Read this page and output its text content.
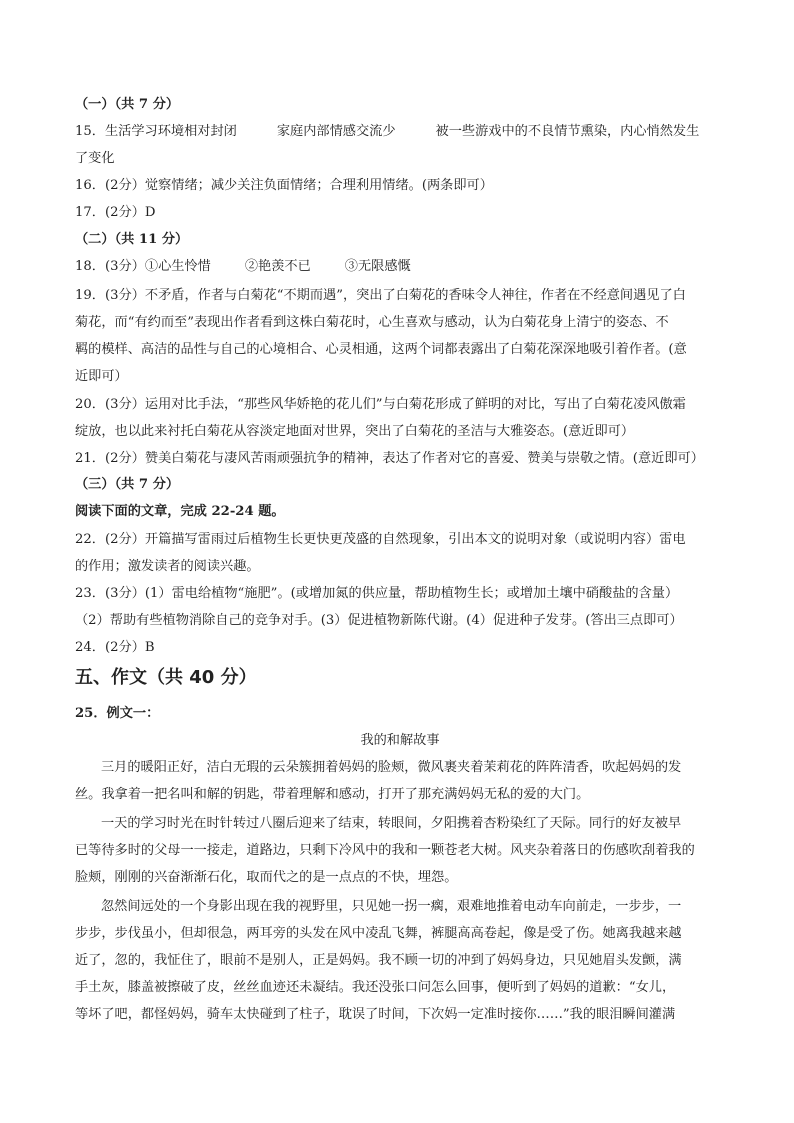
（一）（共 7 分）
15．生活学习环境相对封闭	家庭内部情感交流少	被一些游戏中的不良情节熏染，内心悄然发生
了变化
16．(2分）觉察情绪；减少关注负面情绪；合理利用情绪。(两条即可）
17．(2分）D
（二）（共 11 分）
18．(3分）①心生怜惜	②艳羡不已	③无限感慨
19．(3分）不矛盾，作者与白菊花“不期而遇”，突出了白菊花的香味令人神往，作者在不经意间遇见了白
菊花，而“有约而至”表现出作者看到这株白菊花时，心生喜欢与感动，认为白菊花身上清宁的姿态、不
羁的模样、高洁的品性与自己的心境相合、心灵相通，这两个词都表露出了白菊花深深地吸引着作者。(意
近即可）
20．(3分）运用对比手法，“那些风华娇艳的花儿们”与白菊花形成了鲜明的对比，写出了白菊花凌风傲霜
绽放，也以此来衬托白菊花从容淡定地面对世界，突出了白菊花的圣洁与大雅姿态。(意近即可）
21．(2分）赞美白菊花与凄风苦雨顽强抗争的精神，表达了作者对它的喜爱、赞美与崇敬之情。(意近即可）
（三）（共 7 分）
阅读下面的文章，完成 22-24 题。
22．(2分）开篇描写雷雨过后植物生长更快更茂盛的自然现象，引出本文的说明对象（或说明内容）雷电
的作用；激发读者的阅读兴趣。
23．(3分）(1）雷电给植物“施肥”。(或增加氮的供应量，帮助植物生长；或增加土壤中硝酸盐的含量）
（2）帮助有些植物消除自己的竞争对手。(3）促进植物新陈代谢。(4）促进种子发芽。(答出三点即可）
24．(2分）B
五、作文（共 40 分）
25．例文一：
我的和解故事
三月的暖阳正好，洁白无瑕的云朵簇拥着妈妈的脸颊，微风裹夹着茉莉花的阵阵清香，吹起妈妈的发
丝。我拿着一把名叫和解的钥匙，带着理解和感动，打开了那充满妈妈无私的爱的大门。
一天的学习时光在时针转过八圈后迎来了结束，转眼间，夕阳携着杏粉染红了天际。同行的好友被早
已等待多时的父母一一接走，道路边，只剩下冷风中的我和一颗苍老大树。风夹杂着落日的伤感吹刮着我的
脸颊，刚刚的兴奋渐渐石化，取而代之的是一点点的不快，埋怨。
忽然间远处的一个身影出现在我的视野里，只见她一拐一瘸，艰难地推着电动车向前走，一步步，一
步步，步伐虽小，但却很急，两耳旁的头发在风中凌乱飞舞，裤腿高高卷起，像是受了伤。她离我越来越
近了，忽的，我怔住了，眼前不是别人，正是妈妈。我不顾一切的冲到了妈妈身边，只见她眉头发颤，满
手土灰，膝盖被擦破了皮，丝丝血迹还未凝结。我还没张口问怎么回事，便听到了妈妈的道歉：“女儿，
等坏了吧，都怪妈妈，骑车太快碰到了柱子，耽误了时间，下次妈一定准时接你……”我的眼泪瞬间灌满
